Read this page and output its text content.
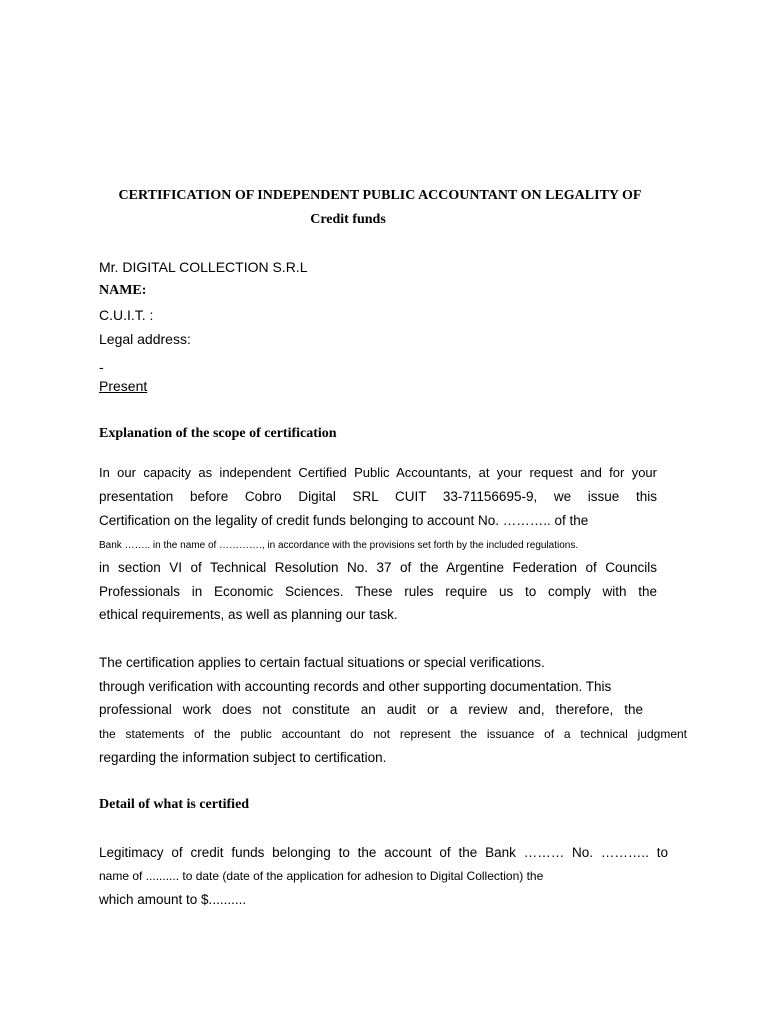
CERTIFICATION OF INDEPENDENT PUBLIC ACCOUNTANT ON LEGALITY OF
Credit funds
Mr. DIGITAL COLLECTION S.R.L
NAME:
C.U.I.T. :
Legal address:
-
Present
Explanation of the scope of certification
In our capacity as independent Certified Public Accountants, at your request and for your
presentation before Cobro Digital SRL CUIT 33-71156695-9, we issue this
Certification on the legality of credit funds belonging to account No. ……….. of the
Bank …….. in the name of …………., in accordance with the provisions set forth by the included regulations.
in section VI of Technical Resolution No. 37 of the Argentine Federation of Councils
Professionals in Economic Sciences. These rules require us to comply with the
ethical requirements, as well as planning our task.
The certification applies to certain factual situations or special verifications.
through verification with accounting records and other supporting documentation. This
professional work does not constitute an audit or a review and, therefore, the
the statements of the public accountant do not represent the issuance of a technical judgment
regarding the information subject to certification.
Detail of what is certified
Legitimacy of credit funds belonging to the account of the Bank ……… No. ……….. to
name of .......... to date (date of the application for adhesion to Digital Collection) the
which amount to $..........
